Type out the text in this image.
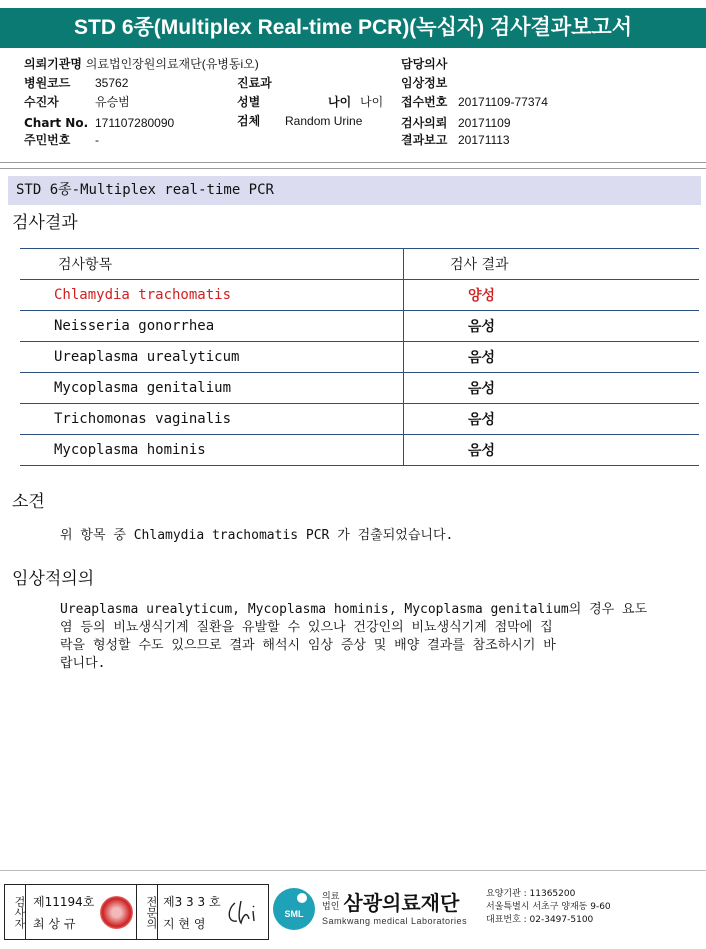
STD 6종(Multiplex Real-time PCR)(녹십자) 검사결과보고서
의뢰기관명 의료법인장원의료재단(유병동i오)
병원코드 35762
수진자	유승범
Chart No. 171107280090
주민번호 -
진료과
성별	나이 나이
검체 Random Urine
담당의사
임상정보
접수번호 20171109-77374
검사의뢰 20171109
결과보고 20171113
STD 6종-Multiplex real-time PCR
검사결과
검사항목	검사 결과
Chlamydia trachomatis	양성
Neisseria gonorrhea	음성
Ureaplasma urealyticum	음성
Mycoplasma genitalium	음성
Trichomonas vaginalis	음성
Mycoplasma hominis	음성
소견
위 항목 중 Chlamydia trachomatis PCR 가 검출되었습니다.
임상적의의
Ureaplasma urealyticum, Mycoplasma hominis, Mycoplasma genitalium의 경우 요도
염 등의 비뇨생식기계 질환을 유발할 수 있으나 건강인의 비뇨생식기계 점막에 집
락을 형성할 수도 있으므로 결과 해석시 임상 증상 및 배양 결과를 참조하시기 바
랍니다.
검사자 제11194호
최 상 규	전문의 제3 3 3 호
지 현 영
SML
의료
법인 삼광의료재단
Samkwang medical Laboratories
요양기관 : 11365200
서울특별시 서초구 양재동 9-60
대표번호 : 02-3497-5100
